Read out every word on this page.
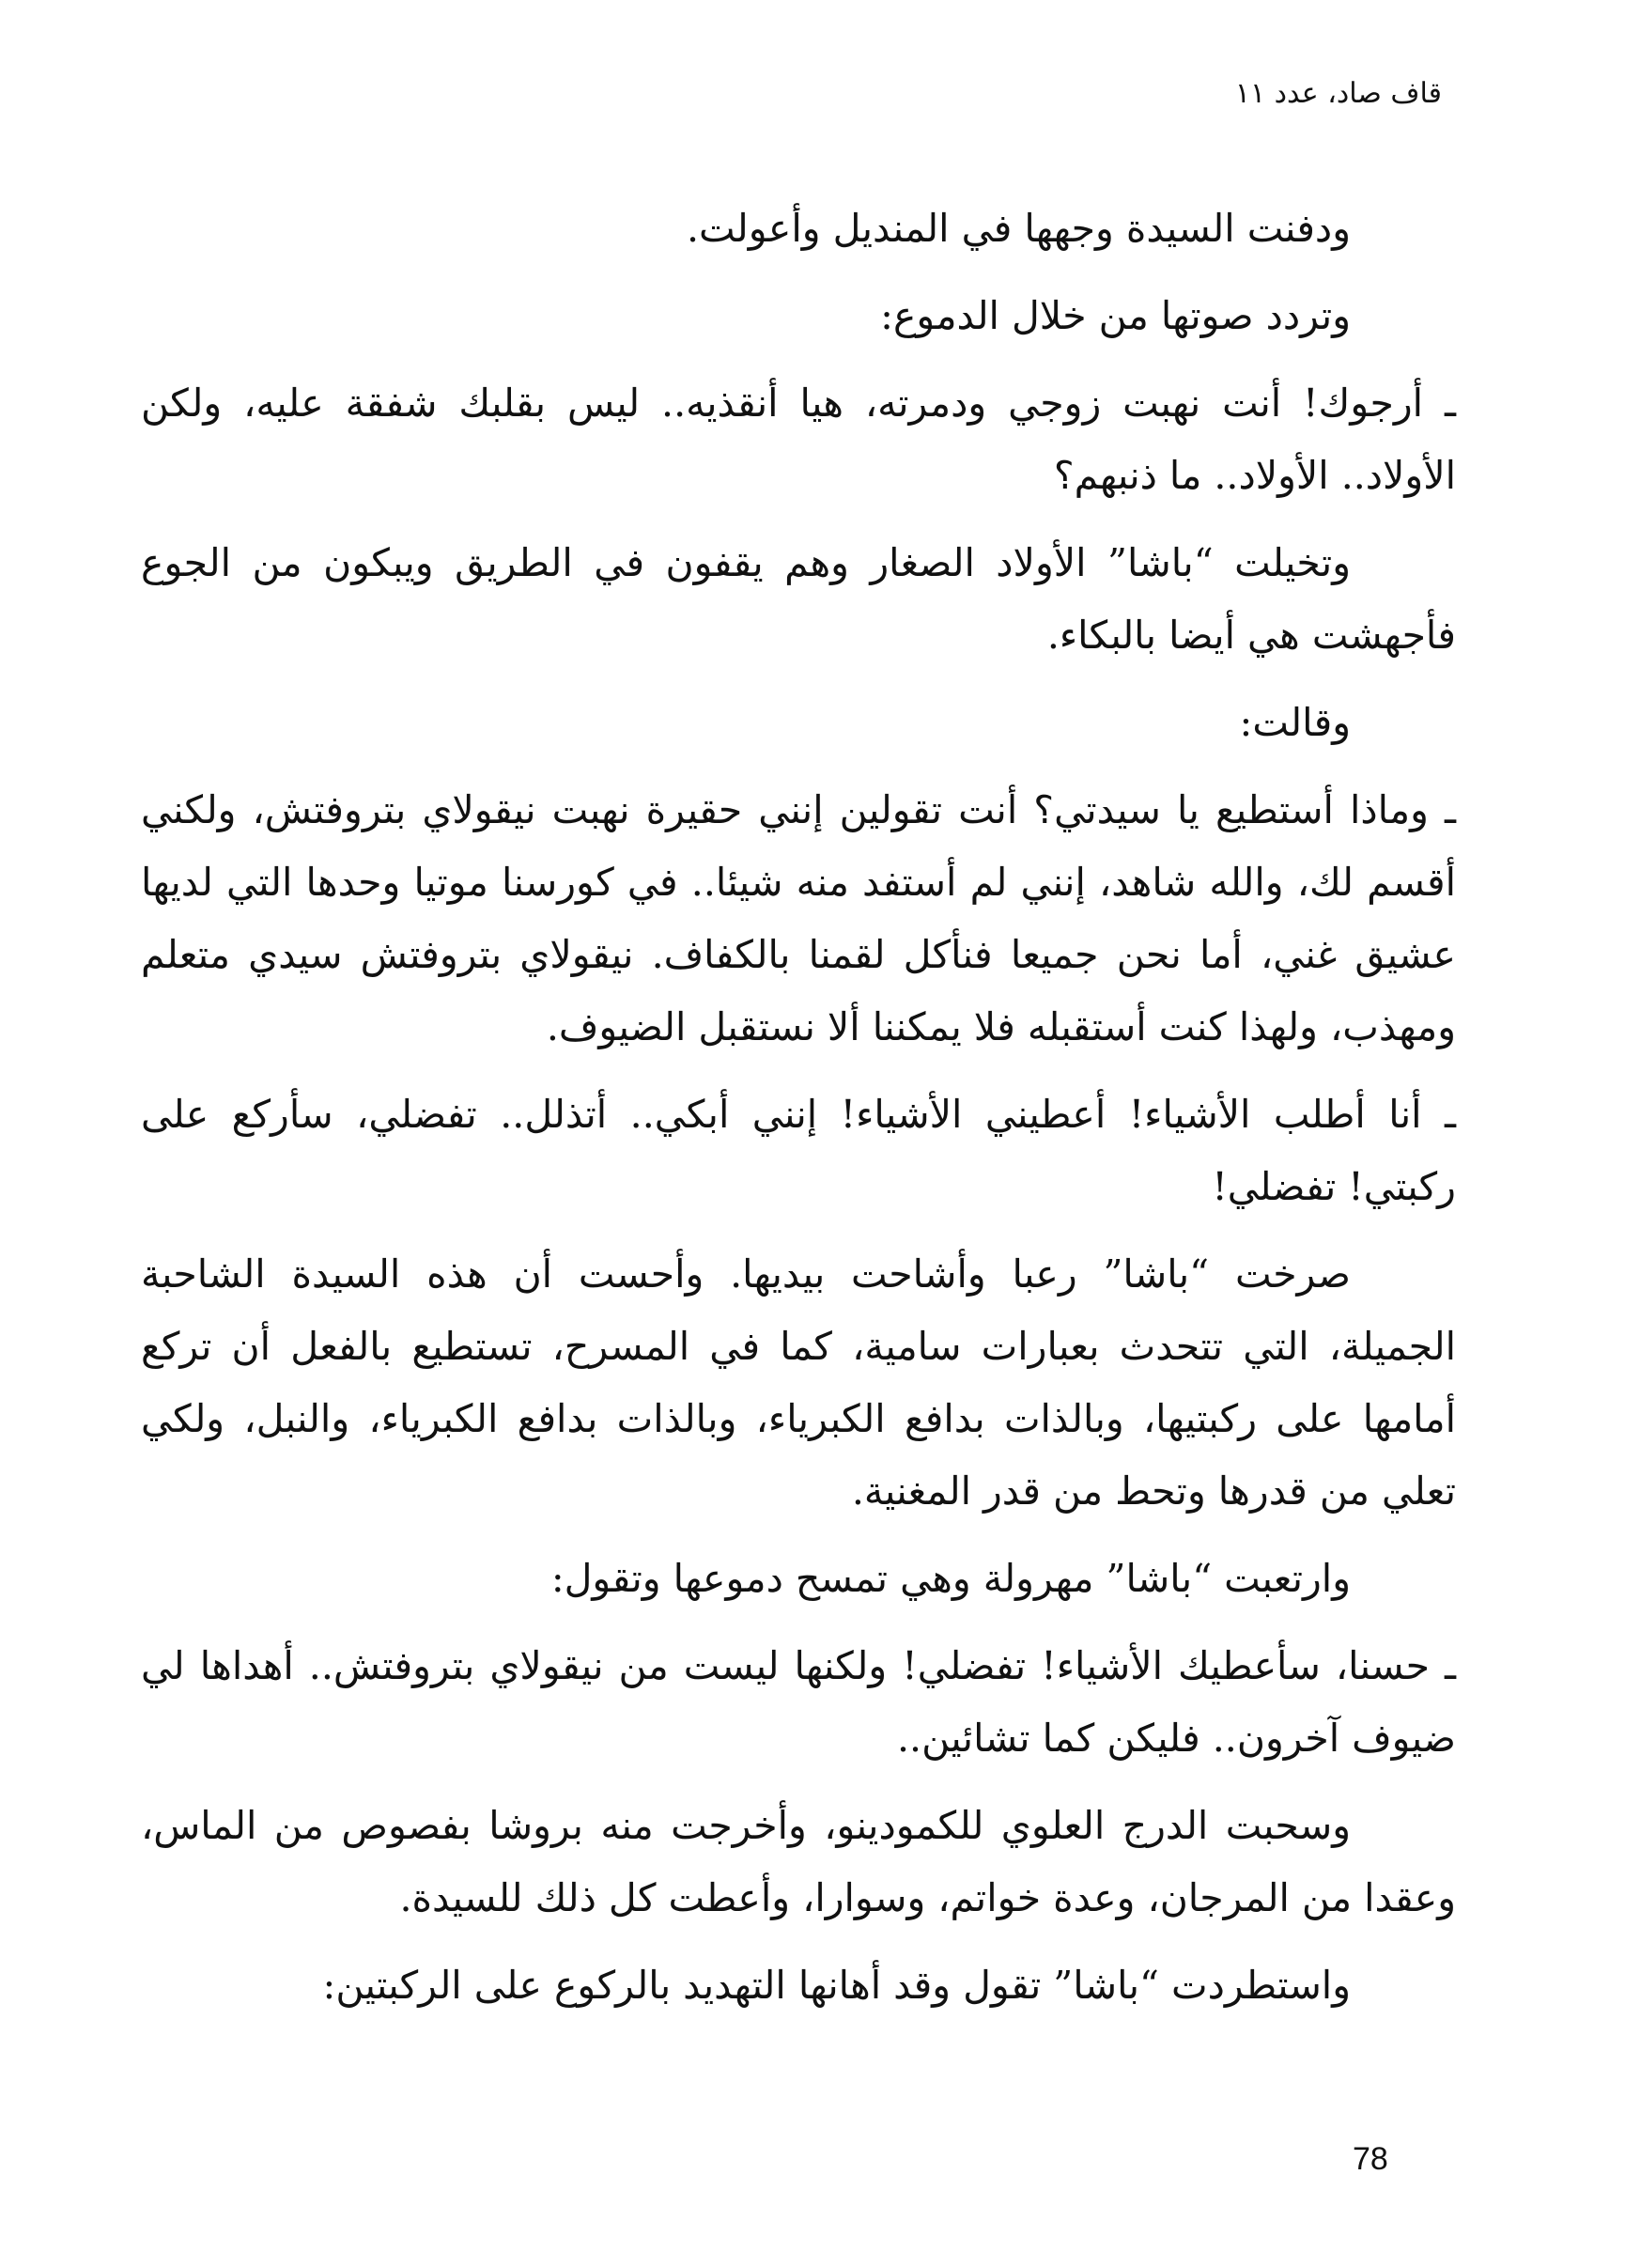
قاف صاد، عدد ١١

ودفنت السيدة وجهها في المنديل وأعولت.

وتردد صوتها من خلال الدموع:

ـ أرجوك! أنت نهبت زوجي ودمرته، هيا أنقذيه.. ليس بقلبك شفقة عليه، ولكن الأولاد.. الأولاد.. ما ذنبهم؟

وتخيلت “باشا” الأولاد الصغار وهم يقفون في الطريق ويبكون من الجوع فأجهشت هي أيضا بالبكاء.

وقالت:

ـ وماذا أستطيع يا سيدتي؟ أنت تقولين إنني حقيرة نهبت نيقولاي بتروفتش، ولكني أقسم لك، والله شاهد، إنني لم أستفد منه شيئا.. في كورسنا موتيا وحدها التي لديها عشيق غني، أما نحن جميعا فنأكل لقمنا بالكفاف. نيقولاي بتروفتش سيدي متعلم ومهذب، ولهذا كنت أستقبله فلا يمكننا ألا نستقبل الضيوف.

ـ أنا أطلب الأشياء! أعطيني الأشياء! إنني أبكي.. أتذلل.. تفضلي، سأركع على ركبتي! تفضلي!

صرخت “باشا” رعبا وأشاحت بيديها. وأحست أن هذه السيدة الشاحبة الجميلة، التي تتحدث بعبارات سامية، كما في المسرح، تستطيع بالفعل أن تركع أمامها على ركبتيها، وبالذات بدافع الكبرياء، وبالذات بدافع الكبرياء، والنبل، ولكي تعلي من قدرها وتحط من قدر المغنية.

وارتعبت “باشا” مهرولة وهي تمسح دموعها وتقول:

ـ حسنا، سأعطيك الأشياء! تفضلي! ولكنها ليست من نيقولاي بتروفتش.. أهداها لي ضيوف آخرون.. فليكن كما تشائين..

وسحبت الدرج العلوي للكمودينو، وأخرجت منه بروشا بفصوص من الماس، وعقدا من المرجان، وعدة خواتم، وسوارا، وأعطت كل ذلك للسيدة.

واستطردت “باشا” تقول وقد أهانها التهديد بالركوع على الركبتين:

78
